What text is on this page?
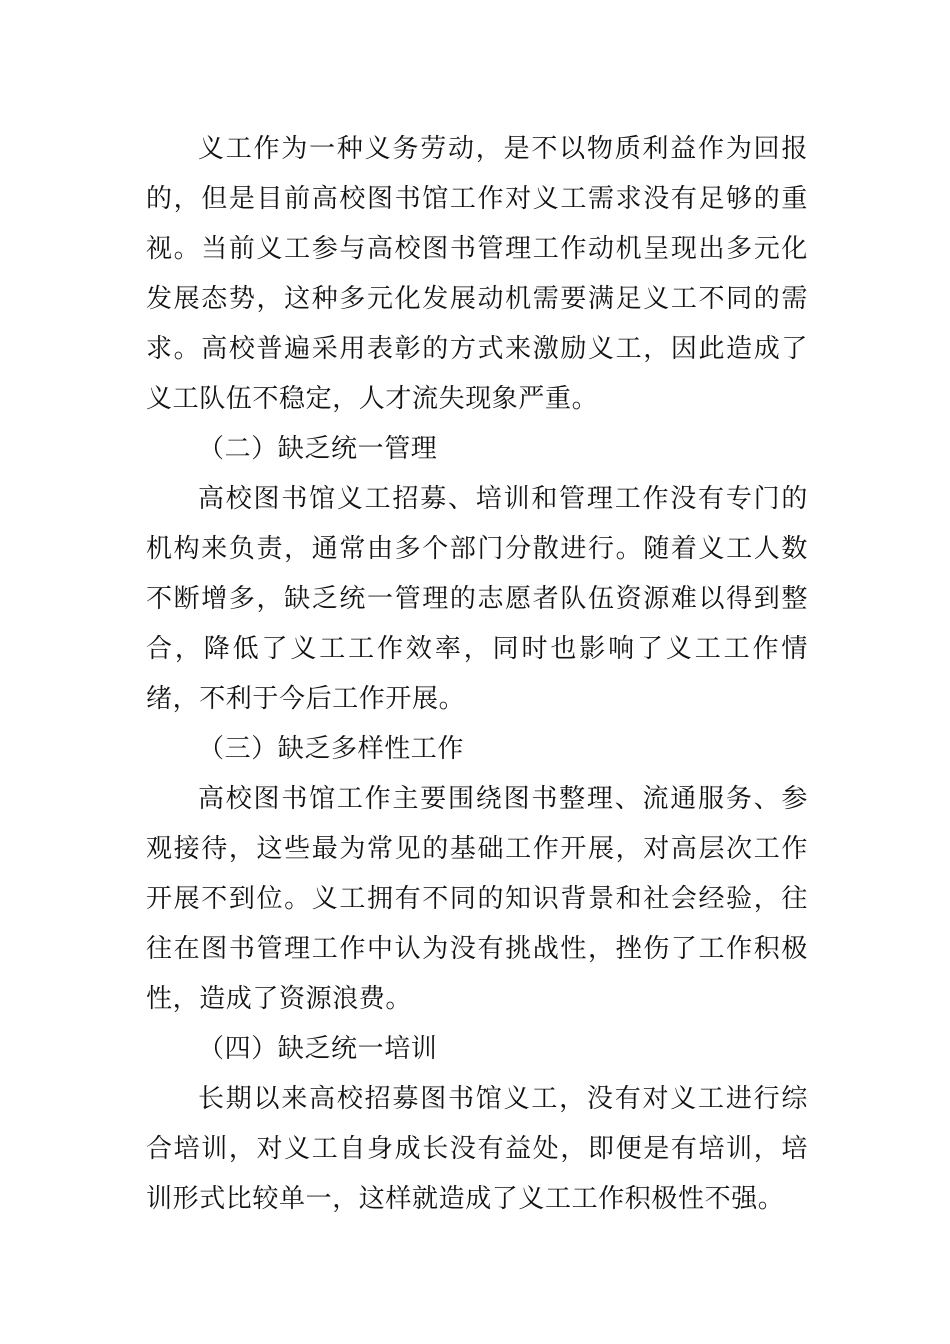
义工作为一种义务劳动，是不以物质利益作为回报的，但是目前高校图书馆工作对义工需求没有足够的重视。当前义工参与高校图书管理工作动机呈现出多元化发展态势，这种多元化发展动机需要满足义工不同的需求。高校普遍采用表彰的方式来激励义工，因此造成了义工队伍不稳定，人才流失现象严重。

（二）缺乏统一管理

高校图书馆义工招募、培训和管理工作没有专门的机构来负责，通常由多个部门分散进行。随着义工人数不断增多，缺乏统一管理的志愿者队伍资源难以得到整合，降低了义工工作效率，同时也影响了义工工作情绪，不利于今后工作开展。

（三）缺乏多样性工作

高校图书馆工作主要围绕图书整理、流通服务、参观接待，这些最为常见的基础工作开展，对高层次工作开展不到位。义工拥有不同的知识背景和社会经验，往往在图书管理工作中认为没有挑战性，挫伤了工作积极性，造成了资源浪费。

（四）缺乏统一培训

长期以来高校招募图书馆义工，没有对义工进行综合培训，对义工自身成长没有益处，即便是有培训，培训形式比较单一，这样就造成了义工工作积极性不强。
